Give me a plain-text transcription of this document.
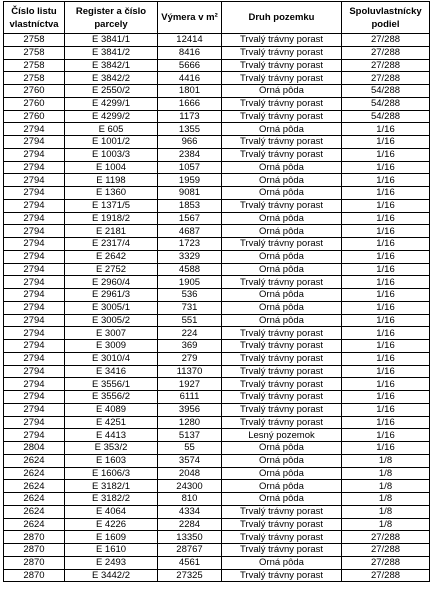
Číslo listu vlastníctva	Register a číslo parcely	Výmera v m²	Druh pozemku	Spoluvlastnícky podiel
2758	E 3841/1	12414	Trvalý trávny porast	27/288
2758	E 3841/2	8416	Trvalý trávny porast	27/288
2758	E 3842/1	5666	Trvalý trávny porast	27/288
2758	E 3842/2	4416	Trvalý trávny porast	27/288
2760	E 2550/2	1801	Orná pôda	54/288
2760	E 4299/1	1666	Trvalý trávny porast	54/288
2760	E 4299/2	1173	Trvalý trávny porast	54/288
2794	E 605	1355	Orná pôda	1/16
2794	E 1001/2	966	Trvalý trávny porast	1/16
2794	E 1003/3	2384	Trvalý trávny porast	1/16
2794	E 1004	1057	Orná pôda	1/16
2794	E 1198	1959	Orná pôda	1/16
2794	E 1360	9081	Orná pôda	1/16
2794	E 1371/5	1853	Trvalý trávny porast	1/16
2794	E 1918/2	1567	Orná pôda	1/16
2794	E 2181	4687	Orná pôda	1/16
2794	E 2317/4	1723	Trvalý trávny porast	1/16
2794	E 2642	3329	Orná pôda	1/16
2794	E 2752	4588	Orná pôda	1/16
2794	E 2960/4	1905	Trvalý trávny porast	1/16
2794	E 2961/3	536	Orná pôda	1/16
2794	E 3005/1	731	Orná pôda	1/16
2794	E 3005/2	551	Orná pôda	1/16
2794	E 3007	224	Trvalý trávny porast	1/16
2794	E 3009	369	Trvalý trávny porast	1/16
2794	E 3010/4	279	Trvalý trávny porast	1/16
2794	E 3416	11370	Trvalý trávny porast	1/16
2794	E 3556/1	1927	Trvalý trávny porast	1/16
2794	E 3556/2	6111	Trvalý trávny porast	1/16
2794	E 4089	3956	Trvalý trávny porast	1/16
2794	E 4251	1280	Trvalý trávny porast	1/16
2794	E 4413	5137	Lesný pozemok	1/16
2804	E 353/2	55	Orná pôda	1/16
2624	E 1603	3574	Orná pôda	1/8
2624	E 1606/3	2048	Orná pôda	1/8
2624	E 3182/1	24300	Orná pôda	1/8
2624	E 3182/2	810	Orná pôda	1/8
2624	E 4064	4334	Trvalý trávny porast	1/8
2624	E 4226	2284	Trvalý trávny porast	1/8
2870	E 1609	13350	Trvalý trávny porast	27/288
2870	E 1610	28767	Trvalý trávny porast	27/288
2870	E 2493	4561	Orná pôda	27/288
2870	E 3442/2	27325	Trvalý trávny porast	27/288
